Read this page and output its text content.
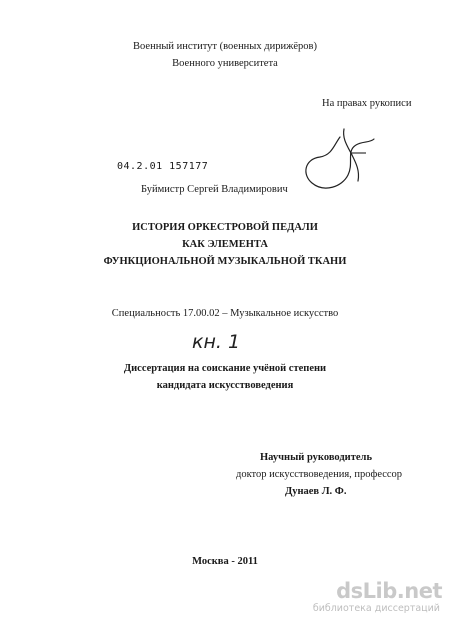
Военный институт (военных дирижёров)
Военного университета
На правах рукописи
04.2.01 157177
Буймистр Сергей Владимирович
ИСТОРИЯ ОРКЕСТРОВОЙ ПЕДАЛИ
КАК ЭЛЕМЕНТА
ФУНКЦИОНАЛЬНОЙ МУЗЫКАЛЬНОЙ ТКАНИ
Специальность 17.00.02 – Музыкальное искусство
кн. 1
Диссертация на соискание учёной степени
кандидата искусствоведения
Научный руководитель
доктор искусствоведения, профессор
Дунаев Л. Ф.
Москва - 2011
dsLib.net
библиотека диссертаций
